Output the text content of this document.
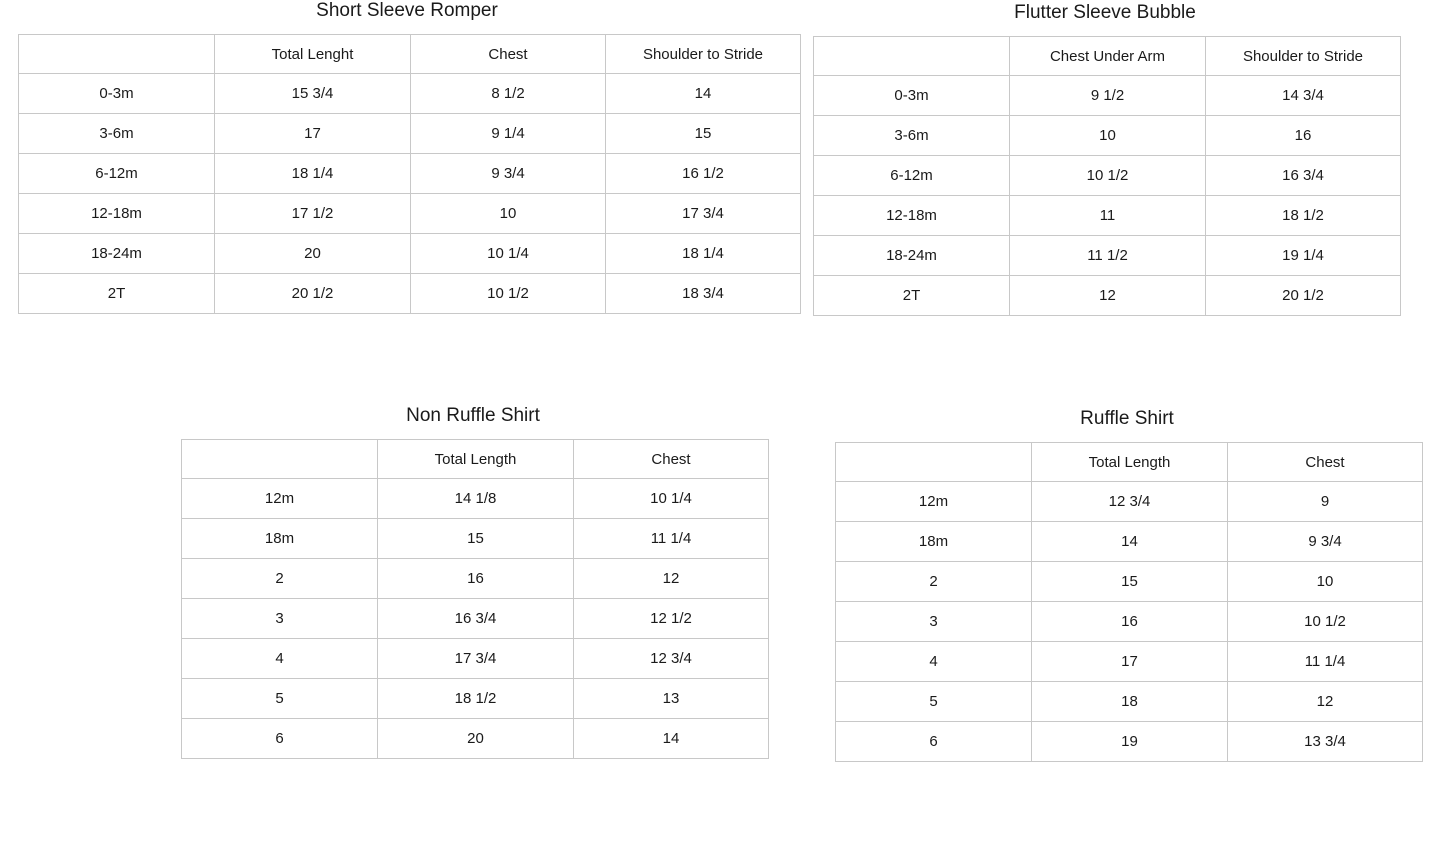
Short Sleeve Romper
	Total Lenght	Chest	Shoulder to Stride
0-3m	15 3/4	8 1/2	14
3-6m	17	9 1/4	15
6-12m	18 1/4	9 3/4	16 1/2
12-18m	17 1/2	10	17 3/4
18-24m	20	10 1/4	18 1/4
2T	20 1/2	10 1/2	18 3/4
Flutter Sleeve Bubble
	Chest Under Arm	Shoulder to Stride
0-3m	9 1/2	14 3/4
3-6m	10	16
6-12m	10 1/2	16 3/4
12-18m	11	18 1/2
18-24m	11 1/2	19 1/4
2T	12	20 1/2
Non Ruffle Shirt
	Total Length	Chest
12m	14 1/8	10 1/4
18m	15	11 1/4
2	16	12
3	16 3/4	12 1/2
4	17 3/4	12 3/4
5	18 1/2	13
6	20	14
Ruffle Shirt
	Total Length	Chest
12m	12 3/4	9
18m	14	9 3/4
2	15	10
3	16	10 1/2
4	17	11 1/4
5	18	12
6	19	13 3/4
